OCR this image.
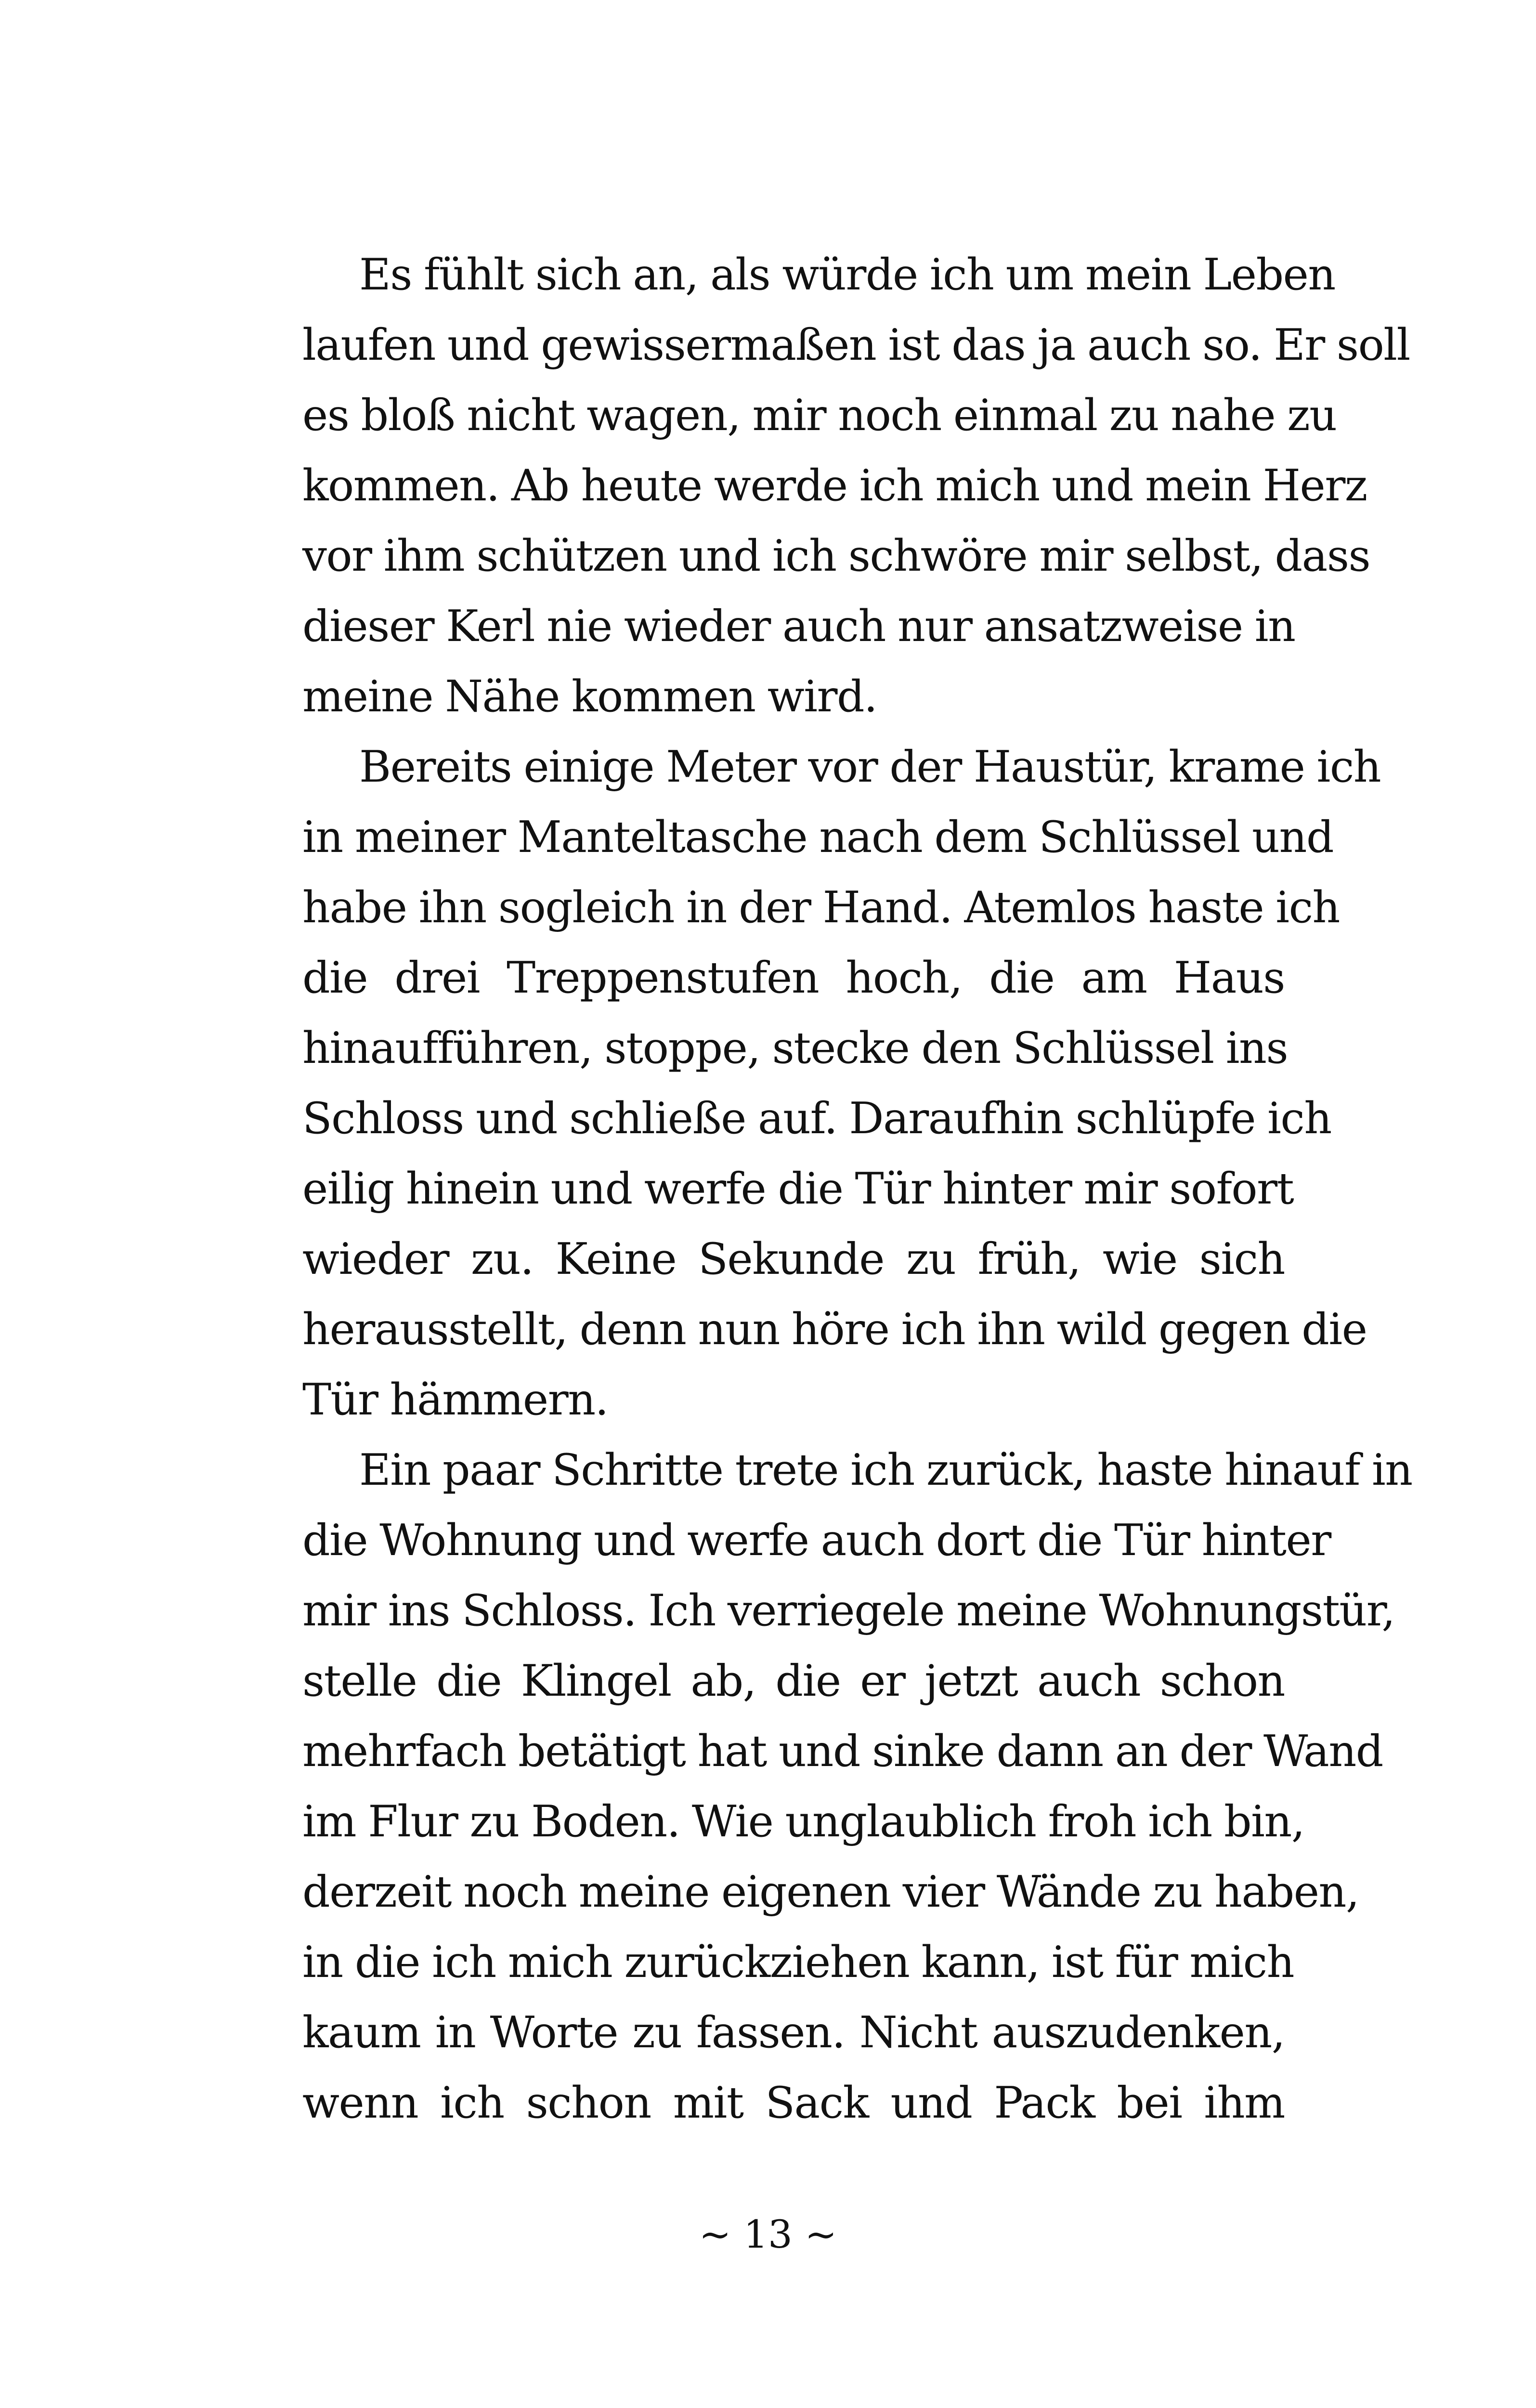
Es fühlt sich an, als würde ich um mein Leben
laufen und gewissermaßen ist das ja auch so. Er soll
es bloß nicht wagen, mir noch einmal zu nahe zu
kommen. Ab heute werde ich mich und mein Herz
vor ihm schützen und ich schwöre mir selbst, dass
dieser Kerl nie wieder auch nur ansatzweise in
meine Nähe kommen wird.
Bereits einige Meter vor der Haustür, krame ich
in meiner Manteltasche nach dem Schlüssel und
habe ihn sogleich in der Hand. Atemlos haste ich
die drei Treppenstufen hoch, die am Haus
hinaufführen, stoppe, stecke den Schlüssel ins
Schloss und schließe auf. Daraufhin schlüpfe ich
eilig hinein und werfe die Tür hinter mir sofort
wieder zu. Keine Sekunde zu früh, wie sich
herausstellt, denn nun höre ich ihn wild gegen die
Tür hämmern.
Ein paar Schritte trete ich zurück, haste hinauf in
die Wohnung und werfe auch dort die Tür hinter
mir ins Schloss. Ich verriegele meine Wohnungstür,
stelle die Klingel ab, die er jetzt auch schon
mehrfach betätigt hat und sinke dann an der Wand
im Flur zu Boden. Wie unglaublich froh ich bin,
derzeit noch meine eigenen vier Wände zu haben,
in die ich mich zurückziehen kann, ist für mich
kaum in Worte zu fassen. Nicht auszudenken,
wenn ich schon mit Sack und Pack bei ihm
~ 13 ~
